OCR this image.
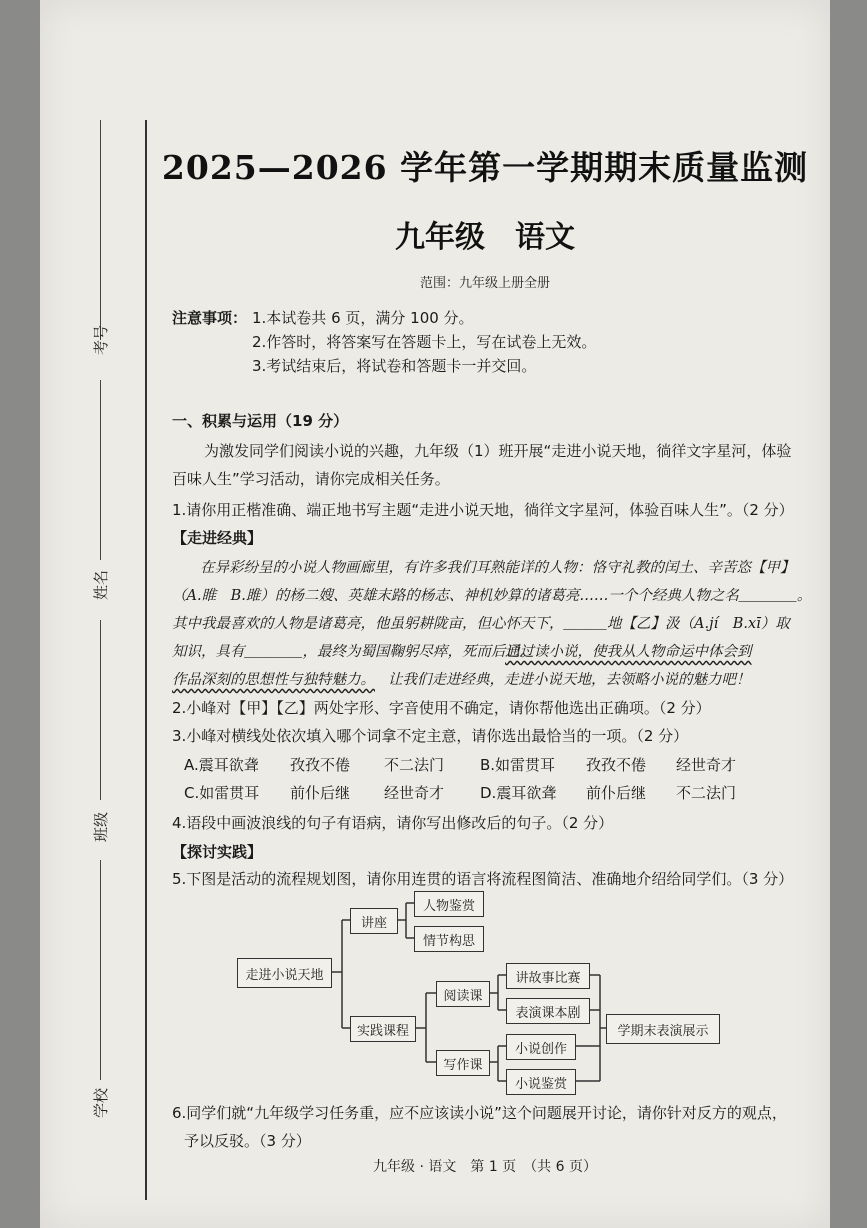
考号
姓名
班级
学校
2025—2026 学年第一学期期末质量监测
九年级　语文
范围：九年级上册全册
注意事项： 1.本试卷共 6 页，满分 100 分。
2.作答时，将答案写在答题卡上，写在试卷上无效。
3.考试结束后，将试卷和答题卡一并交回。
一、积累与运用（19 分）
为激发同学们阅读小说的兴趣，九年级（1）班开展“走进小说天地，徜徉文字星河，体验
百味人生”学习活动，请你完成相关任务。
1.请你用正楷准确、端正地书写主题“走进小说天地，徜徉文字星河，体验百味人生”。（2 分）
【走进经典】
在异彩纷呈的小说人物画廊里，有许多我们耳熟能详的人物：恪守礼教的闰土、辛苦恣【甲】
（A.睢　B.雎）的杨二嫂、英雄末路的杨志、神机妙算的诸葛亮……一个个经典人物之名＿＿＿＿。
其中我最喜欢的人物是诸葛亮，他虽躬耕陇亩，但心怀天下，＿＿＿地【乙】汲（A.jí　B.xī）取
知识，具有＿＿＿＿，最终为蜀国鞠躬尽瘁，死而后已。
通过读小说，使我从人物命运中体会到
作品深刻的思想性与独特魅力。 让我们走进经典，走进小说天地，去领略小说的魅力吧！
2.小峰对【甲】【乙】两处字形、字音使用不确定，请你帮他选出正确项。（2 分）
3.小峰对横线处依次填入哪个词拿不定主意，请你选出最恰当的一项。（2 分）
A.震耳欲聋 孜孜不倦 不二法门 B.如雷贯耳 孜孜不倦 经世奇才
C.如雷贯耳 前仆后继 经世奇才 D.震耳欲聋 前仆后继 不二法门
4.语段中画波浪线的句子有语病，请你写出修改后的句子。（2 分）
【探讨实践】
5.下图是活动的流程规划图，请你用连贯的语言将流程图简洁、准确地介绍给同学们。（3 分）
走进小说天地
讲座
人物鉴赏
情节构思
实践课程
阅读课
讲故事比赛
表演课本剧
写作课
小说创作
小说鉴赏
学期末表演展示
6.同学们就“九年级学习任务重，应不应该读小说”这个问题展开讨论，请你针对反方的观点，
予以反驳。（3 分）
九年级 · 语文　第 1 页　（共 6 页）
